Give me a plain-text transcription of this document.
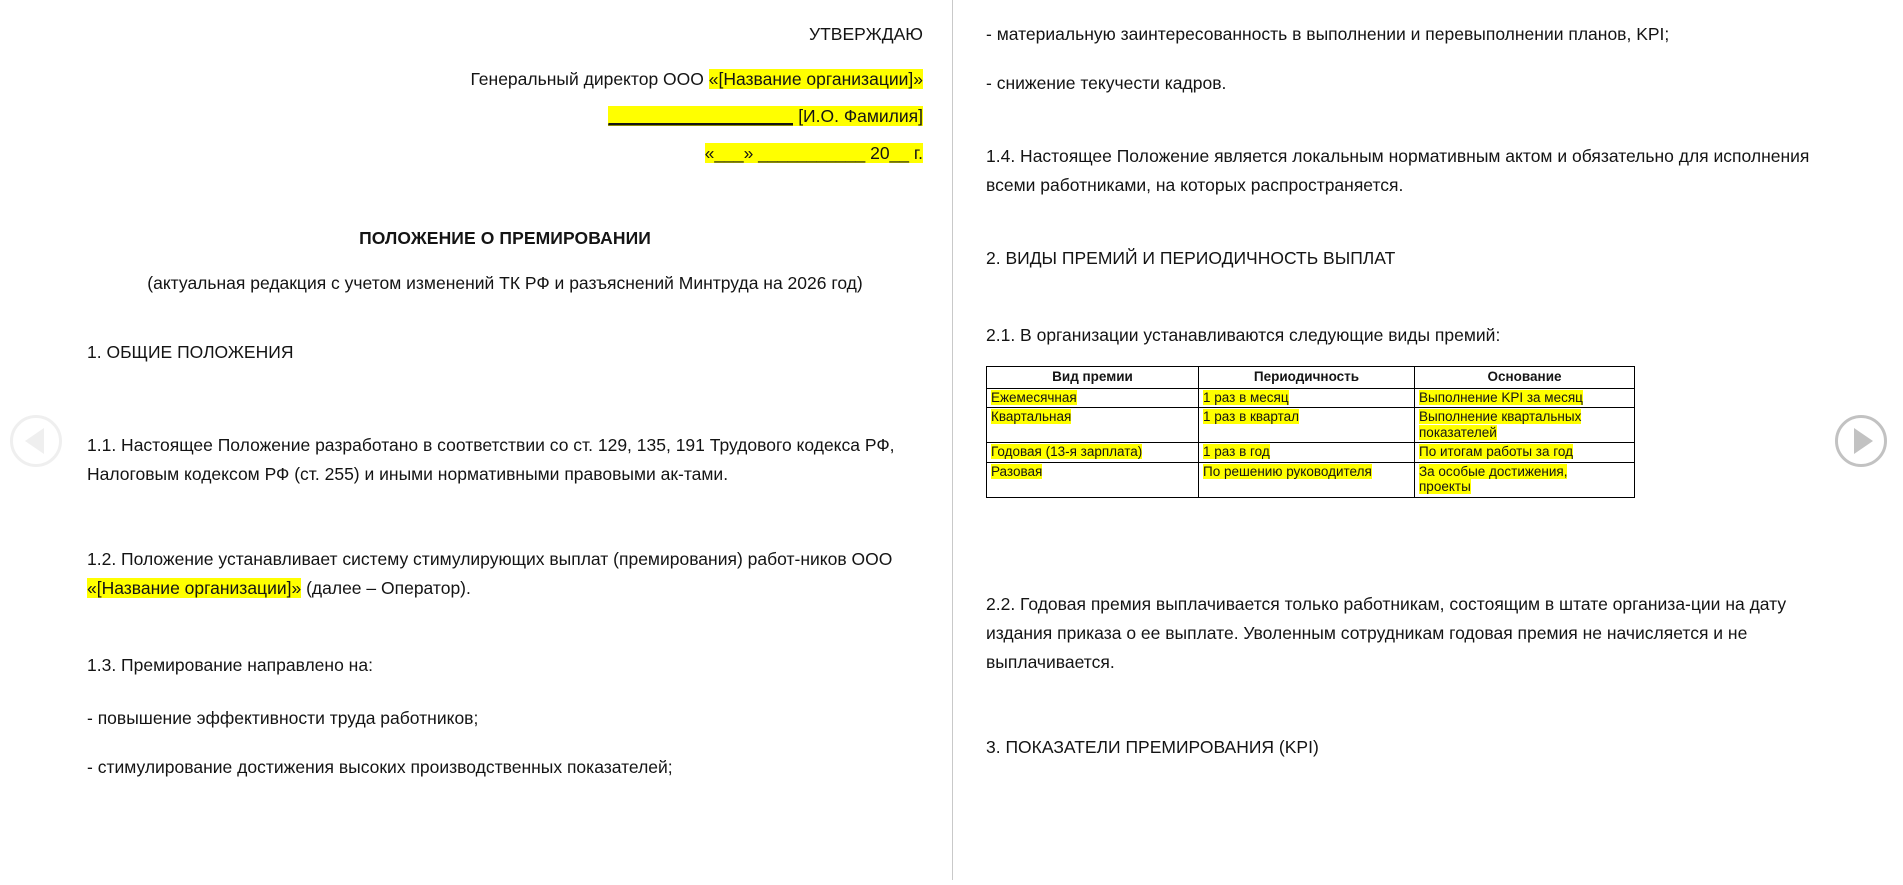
УТВЕРЖДАЮ
Генеральный директор ООО «[Название организации]»
___________________ [И.О. Фамилия]
«___» ___________ 20__ г.
ПОЛОЖЕНИЕ О ПРЕМИРОВАНИИ
(актуальная редакция с учетом изменений ТК РФ и разъяснений Минтруда на 2026 год)
1. ОБЩИЕ ПОЛОЖЕНИЯ
1.1. Настоящее Положение разработано в соответствии со ст. 129, 135, 191 Трудового кодекса РФ, Налоговым кодексом РФ (ст. 255) и иными нормативными правовыми ак-тами.
1.2. Положение устанавливает систему стимулирующих выплат (премирования) работ-ников ООО «[Название организации]» (далее – Оператор).
1.3. Премирование направлено на:
- повышение эффективности труда работников;
- стимулирование достижения высоких производственных показателей;
- материальную заинтересованность в выполнении и перевыполнении планов, KPI;
- снижение текучести кадров.
1.4. Настоящее Положение является локальным нормативным актом и обязательно для исполнения всеми работниками, на которых распространяется.
2. ВИДЫ ПРЕМИЙ И ПЕРИОДИЧНОСТЬ ВЫПЛАТ
2.1. В организации устанавливаются следующие виды премий:
Вид премии	Периодичность	Основание
Ежемесячная	1 раз в месяц	Выполнение KPI за месяц
Квартальная	1 раз в квартал	Выполнение квартальных
показателей
Годовая (13-я зарплата)	1 раз в год	По итогам работы за год
Разовая	По решению руководителя	За особые достижения,
проекты
2.2. Годовая премия выплачивается только работникам, состоящим в штате организа-ции на дату издания приказа о ее выплате. Уволенным сотрудникам годовая премия не начисляется и не выплачивается.
3. ПОКАЗАТЕЛИ ПРЕМИРОВАНИЯ (KPI)
